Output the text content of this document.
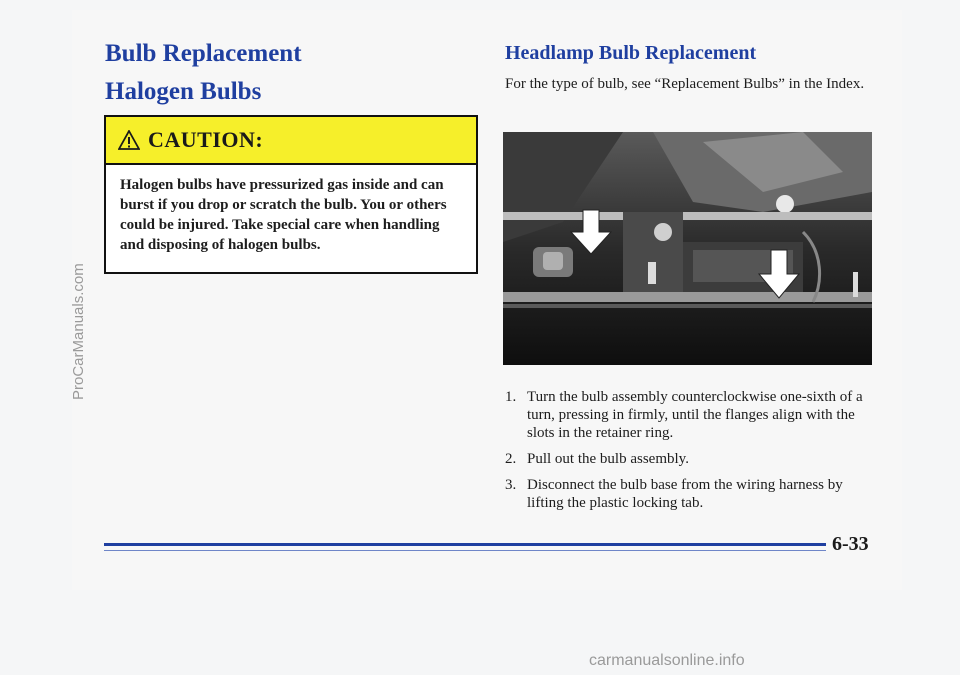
ProCarManuals.com
Bulb Replacement
Halogen Bulbs
CAUTION:
Halogen bulbs have pressurized gas inside and can burst if you drop or scratch the bulb. You or others could be injured. Take special care when handling and disposing of halogen bulbs.
Headlamp Bulb Replacement
For the type of bulb, see “Replacement Bulbs” in the Index.
1. Turn the bulb assembly counterclockwise one-sixth of a turn, pressing in firmly, until the flanges align with the slots in the retainer ring.
2. Pull out the bulb assembly.
3. Disconnect the bulb base from the wiring harness by lifting the plastic locking tab.
6-33
carmanualsonline.info
